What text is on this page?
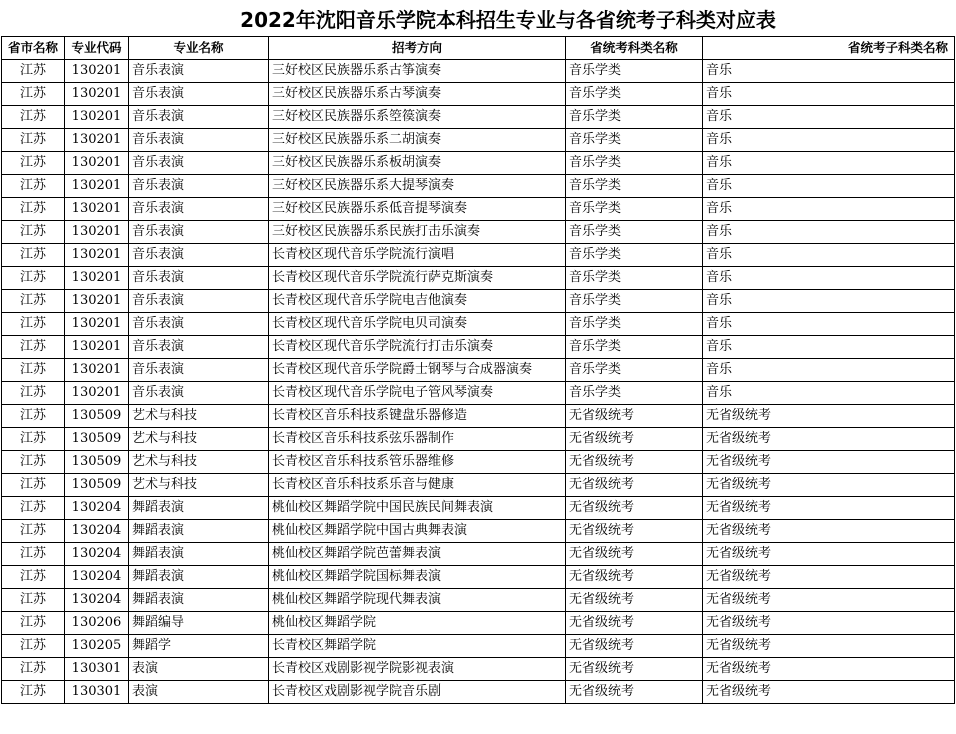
2022年沈阳音乐学院本科招生专业与各省统考子科类对应表
省市名称	专业代码	专业名称	招考方向	省统考科类名称	省统考子科类名称
江苏	130201	音乐表演	三好校区民族器乐系古筝演奏	音乐学类	音乐
江苏	130201	音乐表演	三好校区民族器乐系古琴演奏	音乐学类	音乐
江苏	130201	音乐表演	三好校区民族器乐系箜篌演奏	音乐学类	音乐
江苏	130201	音乐表演	三好校区民族器乐系二胡演奏	音乐学类	音乐
江苏	130201	音乐表演	三好校区民族器乐系板胡演奏	音乐学类	音乐
江苏	130201	音乐表演	三好校区民族器乐系大提琴演奏	音乐学类	音乐
江苏	130201	音乐表演	三好校区民族器乐系低音提琴演奏	音乐学类	音乐
江苏	130201	音乐表演	三好校区民族器乐系民族打击乐演奏	音乐学类	音乐
江苏	130201	音乐表演	长青校区现代音乐学院流行演唱	音乐学类	音乐
江苏	130201	音乐表演	长青校区现代音乐学院流行萨克斯演奏	音乐学类	音乐
江苏	130201	音乐表演	长青校区现代音乐学院电吉他演奏	音乐学类	音乐
江苏	130201	音乐表演	长青校区现代音乐学院电贝司演奏	音乐学类	音乐
江苏	130201	音乐表演	长青校区现代音乐学院流行打击乐演奏	音乐学类	音乐
江苏	130201	音乐表演	长青校区现代音乐学院爵士钢琴与合成器演奏	音乐学类	音乐
江苏	130201	音乐表演	长青校区现代音乐学院电子管风琴演奏	音乐学类	音乐
江苏	130509	艺术与科技	长青校区音乐科技系键盘乐器修造	无省级统考	无省级统考
江苏	130509	艺术与科技	长青校区音乐科技系弦乐器制作	无省级统考	无省级统考
江苏	130509	艺术与科技	长青校区音乐科技系管乐器维修	无省级统考	无省级统考
江苏	130509	艺术与科技	长青校区音乐科技系乐音与健康	无省级统考	无省级统考
江苏	130204	舞蹈表演	桃仙校区舞蹈学院中国民族民间舞表演	无省级统考	无省级统考
江苏	130204	舞蹈表演	桃仙校区舞蹈学院中国古典舞表演	无省级统考	无省级统考
江苏	130204	舞蹈表演	桃仙校区舞蹈学院芭蕾舞表演	无省级统考	无省级统考
江苏	130204	舞蹈表演	桃仙校区舞蹈学院国标舞表演	无省级统考	无省级统考
江苏	130204	舞蹈表演	桃仙校区舞蹈学院现代舞表演	无省级统考	无省级统考
江苏	130206	舞蹈编导	桃仙校区舞蹈学院	无省级统考	无省级统考
江苏	130205	舞蹈学	长青校区舞蹈学院	无省级统考	无省级统考
江苏	130301	表演	长青校区戏剧影视学院影视表演	无省级统考	无省级统考
江苏	130301	表演	长青校区戏剧影视学院音乐剧	无省级统考	无省级统考
